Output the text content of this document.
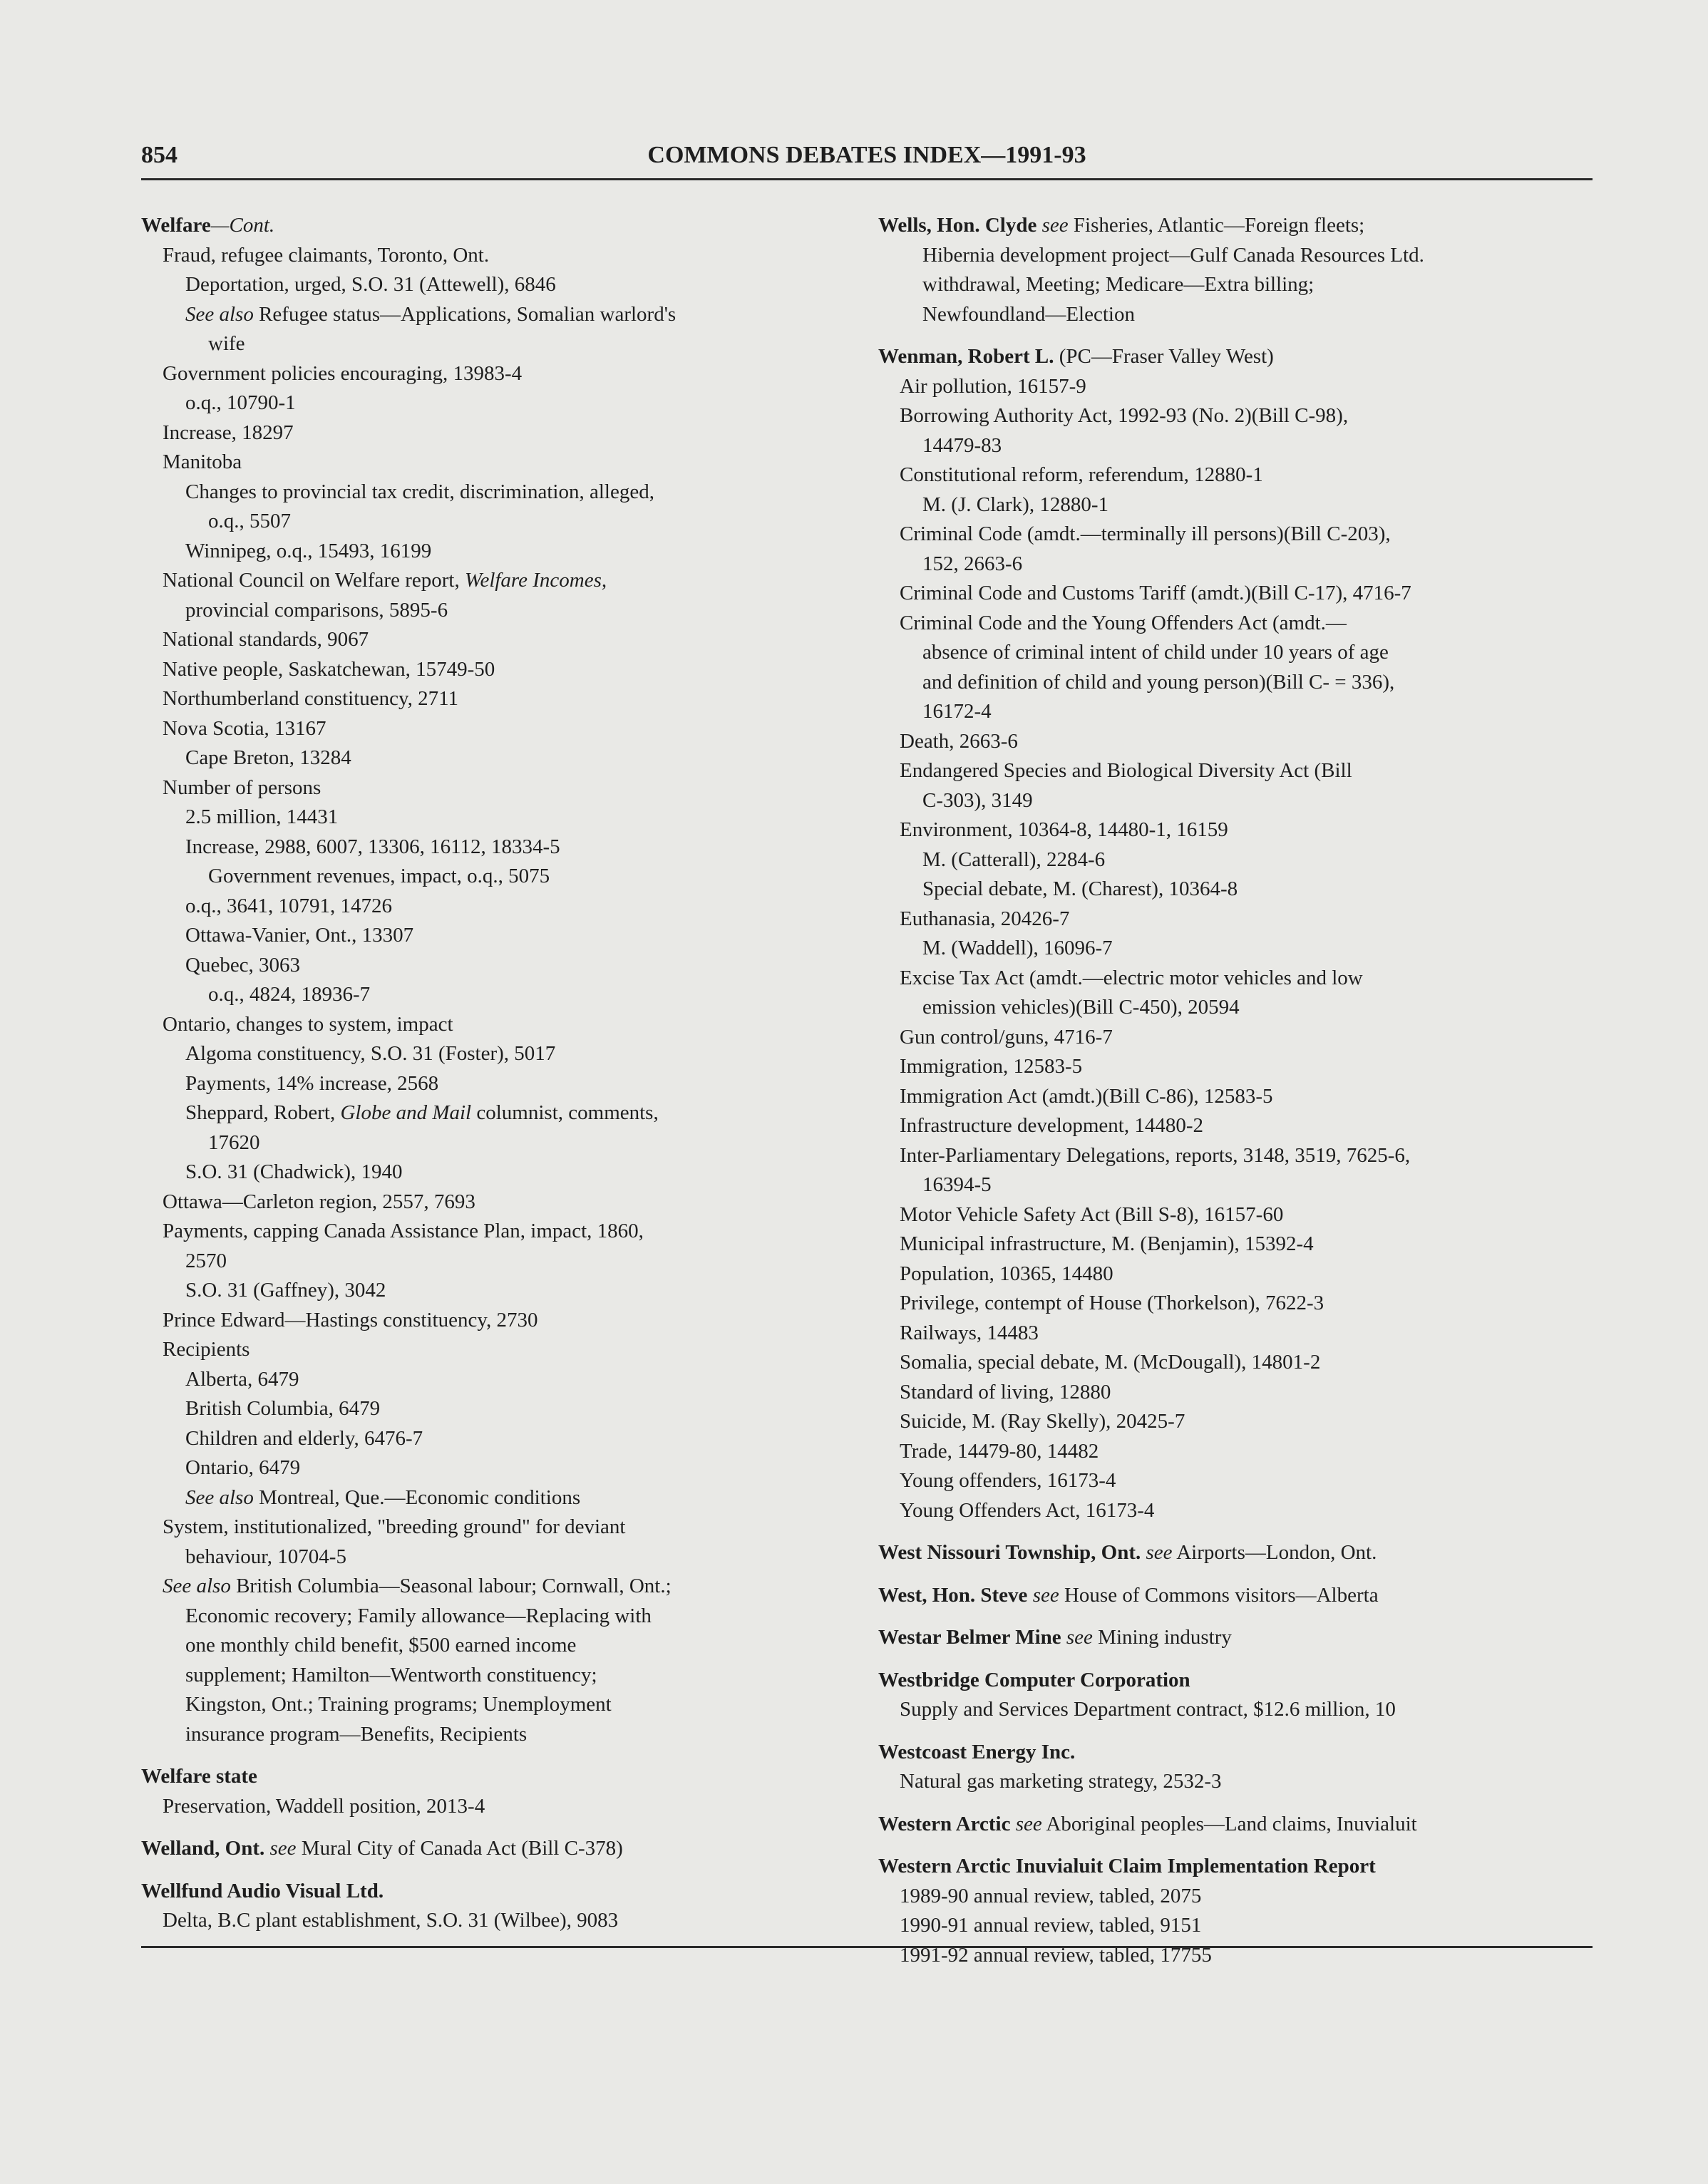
854	COMMONS DEBATES INDEX—1991-93

Welfare—Cont.

Fraud, refugee claimants, Toronto, Ont.

Deportation, urged, S.O. 31 (Attewell), 6846

See also Refugee status—Applications, Somalian warlord's

wife

Government policies encouraging, 13983-4

o.q., 10790-1

Increase, 18297

Manitoba

Changes to provincial tax credit, discrimination, alleged,

o.q., 5507

Winnipeg, o.q., 15493, 16199

National Council on Welfare report, Welfare Incomes,

provincial comparisons, 5895-6

National standards, 9067

Native people, Saskatchewan, 15749-50

Northumberland constituency, 2711

Nova Scotia, 13167

Cape Breton, 13284

Number of persons

2.5 million, 14431

Increase, 2988, 6007, 13306, 16112, 18334-5

Government revenues, impact, o.q., 5075

o.q., 3641, 10791, 14726

Ottawa-Vanier, Ont., 13307

Quebec, 3063

o.q., 4824, 18936-7

Ontario, changes to system, impact

Algoma constituency, S.O. 31 (Foster), 5017

Payments, 14% increase, 2568

Sheppard, Robert, Globe and Mail columnist, comments,

17620

S.O. 31 (Chadwick), 1940

Ottawa—Carleton region, 2557, 7693

Payments, capping Canada Assistance Plan, impact, 1860,

2570

S.O. 31 (Gaffney), 3042

Prince Edward—Hastings constituency, 2730

Recipients

Alberta, 6479

British Columbia, 6479

Children and elderly, 6476-7

Ontario, 6479

See also Montreal, Que.—Economic conditions

System, institutionalized, "breeding ground" for deviant

behaviour, 10704-5

See also British Columbia—Seasonal labour; Cornwall, Ont.;

Economic recovery; Family allowance—Replacing with

one monthly child benefit, $500 earned income

supplement; Hamilton—Wentworth constituency;

Kingston, Ont.; Training programs; Unemployment

insurance program—Benefits, Recipients

Welfare state

Preservation, Waddell position, 2013-4

Welland, Ont. see Mural City of Canada Act (Bill C-378)

Wellfund Audio Visual Ltd.

Delta, B.C plant establishment, S.O. 31 (Wilbee), 9083

Wells, Hon. Clyde see Fisheries, Atlantic—Foreign fleets;

Hibernia development project—Gulf Canada Resources Ltd.

withdrawal, Meeting; Medicare—Extra billing;

Newfoundland—Election

Wenman, Robert L. (PC—Fraser Valley West)

Air pollution, 16157-9

Borrowing Authority Act, 1992-93 (No. 2)(Bill C-98),

14479-83

Constitutional reform, referendum, 12880-1

M. (J. Clark), 12880-1

Criminal Code (amdt.—terminally ill persons)(Bill C-203),

152, 2663-6

Criminal Code and Customs Tariff (amdt.)(Bill C-17), 4716-7

Criminal Code and the Young Offenders Act (amdt.—

absence of criminal intent of child under 10 years of age

and definition of child and young person)(Bill C- = 336),

16172-4

Death, 2663-6

Endangered Species and Biological Diversity Act (Bill

C-303), 3149

Environment, 10364-8, 14480-1, 16159

M. (Catterall), 2284-6

Special debate, M. (Charest), 10364-8

Euthanasia, 20426-7

M. (Waddell), 16096-7

Excise Tax Act (amdt.—electric motor vehicles and low

emission vehicles)(Bill C-450), 20594

Gun control/guns, 4716-7

Immigration, 12583-5

Immigration Act (amdt.)(Bill C-86), 12583-5

Infrastructure development, 14480-2

Inter-Parliamentary Delegations, reports, 3148, 3519, 7625-6,

16394-5

Motor Vehicle Safety Act (Bill S-8), 16157-60

Municipal infrastructure, M. (Benjamin), 15392-4

Population, 10365, 14480

Privilege, contempt of House (Thorkelson), 7622-3

Railways, 14483

Somalia, special debate, M. (McDougall), 14801-2

Standard of living, 12880

Suicide, M. (Ray Skelly), 20425-7

Trade, 14479-80, 14482

Young offenders, 16173-4

Young Offenders Act, 16173-4

West Nissouri Township, Ont. see Airports—London, Ont.

West, Hon. Steve see House of Commons visitors—Alberta

Westar Belmer Mine see Mining industry

Westbridge Computer Corporation

Supply and Services Department contract, $12.6 million, 10

Westcoast Energy Inc.

Natural gas marketing strategy, 2532-3

Western Arctic see Aboriginal peoples—Land claims, Inuvialuit

Western Arctic Inuvialuit Claim Implementation Report

1989-90 annual review, tabled, 2075

1990-91 annual review, tabled, 9151

1991-92 annual review, tabled, 17755
